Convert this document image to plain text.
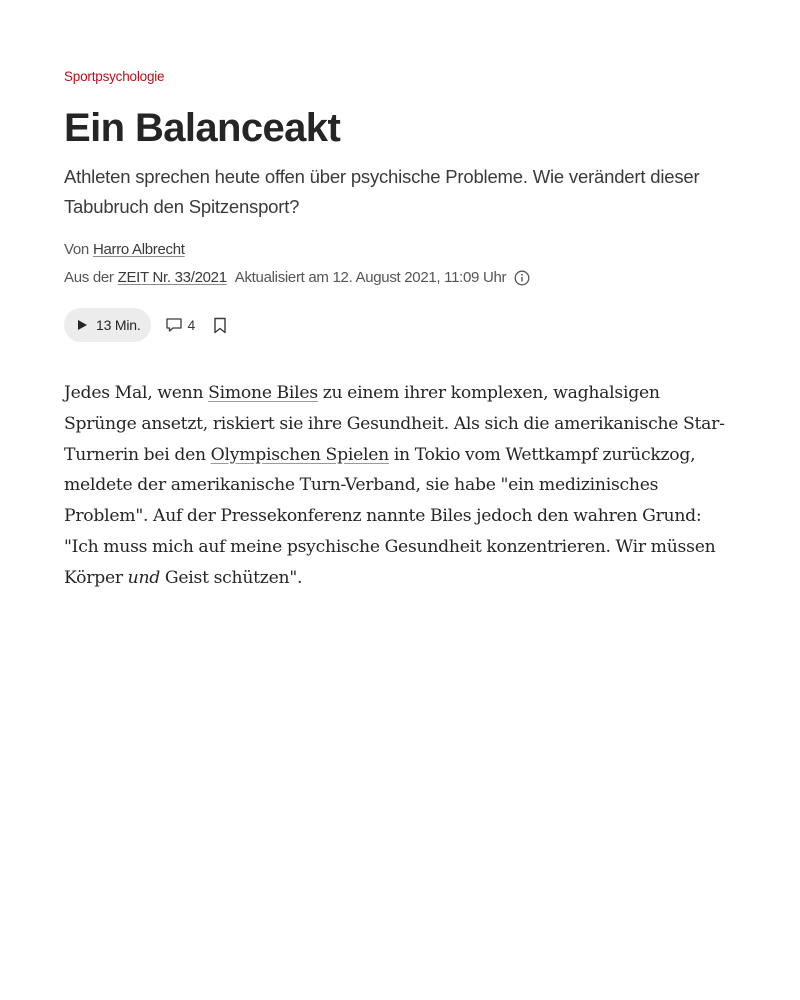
Sportpsychologie

Ein Balanceakt

Athleten sprechen heute offen über psychische Probleme. Wie verändert dieser Tabubruch den Spitzensport?

Von Harro Albrecht
Aus der ZEIT Nr. 33/2021 Aktualisiert am 12. August 2021, 11:09 Uhr
13 Min.	4

Jedes Mal, wenn Simone Biles zu einem ihrer komplexen, waghalsigen Sprünge ansetzt, riskiert sie ihre Gesundheit. Als sich die amerikanische Star-Turnerin bei den Olympischen Spielen in Tokio vom Wettkampf zurückzog, meldete der amerikanische Turn-Verband, sie habe "ein medizinisches Problem". Auf der Pressekonferenz nannte Biles jedoch den wahren Grund: "Ich muss mich auf meine psychische Gesundheit konzentrieren. Wir müssen Körper und Geist schützen".
